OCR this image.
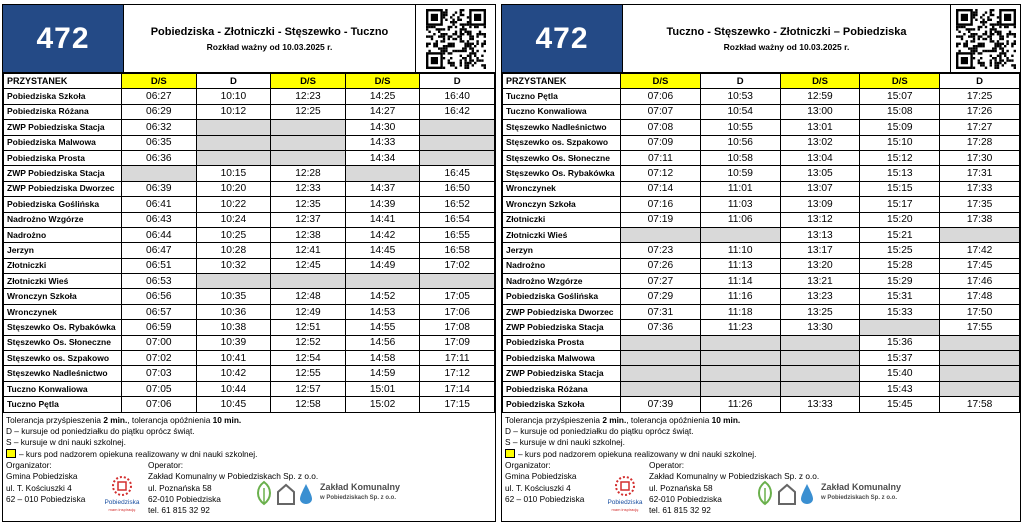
472	Pobiedziska - Złotniczki - Stęszewko - Tuczno
Rozkład ważny od 10.03.2025 r.
PRZYSTANEK	D/S	D	D/S	D/S	D
Pobiedziska Szkoła	06:27	10:10	12:23	14:25	16:40
Pobiedziska Różana	06:29	10:12	12:25	14:27	16:42
ZWP Pobiedziska Stacja	06:32			14:30	
Pobiedziska Malwowa	06:35			14:33	
Pobiedziska Prosta	06:36			14:34	
ZWP Pobiedziska Stacja		10:15	12:28		16:45
ZWP Pobiedziska Dworzec	06:39	10:20	12:33	14:37	16:50
Pobiedziska Goślińska	06:41	10:22	12:35	14:39	16:52
Nadrożno Wzgórze	06:43	10:24	12:37	14:41	16:54
Nadrożno	06:44	10:25	12:38	14:42	16:55
Jerzyn	06:47	10:28	12:41	14:45	16:58
Złotniczki	06:51	10:32	12:45	14:49	17:02
Złotniczki Wieś	06:53				
Wronczyn Szkoła	06:56	10:35	12:48	14:52	17:05
Wronczynek	06:57	10:36	12:49	14:53	17:06
Stęszewko Os. Rybakówka	06:59	10:38	12:51	14:55	17:08
Stęszewko Os. Słoneczne	07:00	10:39	12:52	14:56	17:09
Stęszewko os. Szpakowo	07:02	10:41	12:54	14:58	17:11
Stęszewko Nadleśnictwo	07:03	10:42	12:55	14:59	17:12
Tuczno Konwaliowa	07:05	10:44	12:57	15:01	17:14
Tuczno Pętla	07:06	10:45	12:58	15:02	17:15
Tolerancja przyśpieszenia 2 min., tolerancja opóźnienia 10 min.
D – kursuje od poniedziałku do piątku oprócz świąt.
S – kursuje w dni nauki szkolnej.
– kurs pod nadzorem opiekuna realizowany w dni nauki szkolnej.
Organizator:
Gmina Pobiedziska
ul. T. Kościuszki 4
62 – 010 Pobiedziska
Operator:
Zakład Komunalny w Pobiedziskach Sp. z o.o.
ul. Poznańska 58
62-010 Pobiedziska
tel. 61 815 32 92
Pobiedziska
mam inspirację
Zakład Komunalny
w Pobiedziskach Sp. z o.o.
472	Tuczno - Stęszewko - Złotniczki – Pobiedziska
Rozkład ważny od 10.03.2025 r.
PRZYSTANEK	D/S	D	D/S	D/S	D
Tuczno Pętla	07:06	10:53	12:59	15:07	17:25
Tuczno Konwaliowa	07:07	10:54	13:00	15:08	17:26
Stęszewko Nadleśnictwo	07:08	10:55	13:01	15:09	17:27
Stęszewko os. Szpakowo	07:09	10:56	13:02	15:10	17:28
Stęszewko Os. Słoneczne	07:11	10:58	13:04	15:12	17:30
Stęszewko Os. Rybakówka	07:12	10:59	13:05	15:13	17:31
Wronczynek	07:14	11:01	13:07	15:15	17:33
Wronczyn Szkoła	07:16	11:03	13:09	15:17	17:35
Złotniczki	07:19	11:06	13:12	15:20	17:38
Złotniczki Wieś			13:13	15:21	
Jerzyn	07:23	11:10	13:17	15:25	17:42
Nadrożno	07:26	11:13	13:20	15:28	17:45
Nadrożno Wzgórze	07:27	11:14	13:21	15:29	17:46
Pobiedziska Goślińska	07:29	11:16	13:23	15:31	17:48
ZWP Pobiedziska Dworzec	07:31	11:18	13:25	15:33	17:50
ZWP Pobiedziska Stacja	07:36	11:23	13:30		17:55
Pobiedziska Prosta				15:36	
Pobiedziska Malwowa				15:37	
ZWP Pobiedziska Stacja				15:40	
Pobiedziska Różana				15:43	
Pobiedziska Szkoła	07:39	11:26	13:33	15:45	17:58
Tolerancja przyśpieszenia 2 min., tolerancja opóźnienia 10 min.
D – kursuje od poniedziałku do piątku oprócz świąt.
S – kursuje w dni nauki szkolnej.
– kurs pod nadzorem opiekuna realizowany w dni nauki szkolnej.
Organizator:
Gmina Pobiedziska
ul. T. Kościuszki 4
62 – 010 Pobiedziska
Operator:
Zakład Komunalny w Pobiedziskach Sp. z o.o.
ul. Poznańska 58
62-010 Pobiedziska
tel. 61 815 32 92
Pobiedziska
mam inspirację
Zakład Komunalny
w Pobiedziskach Sp. z o.o.
